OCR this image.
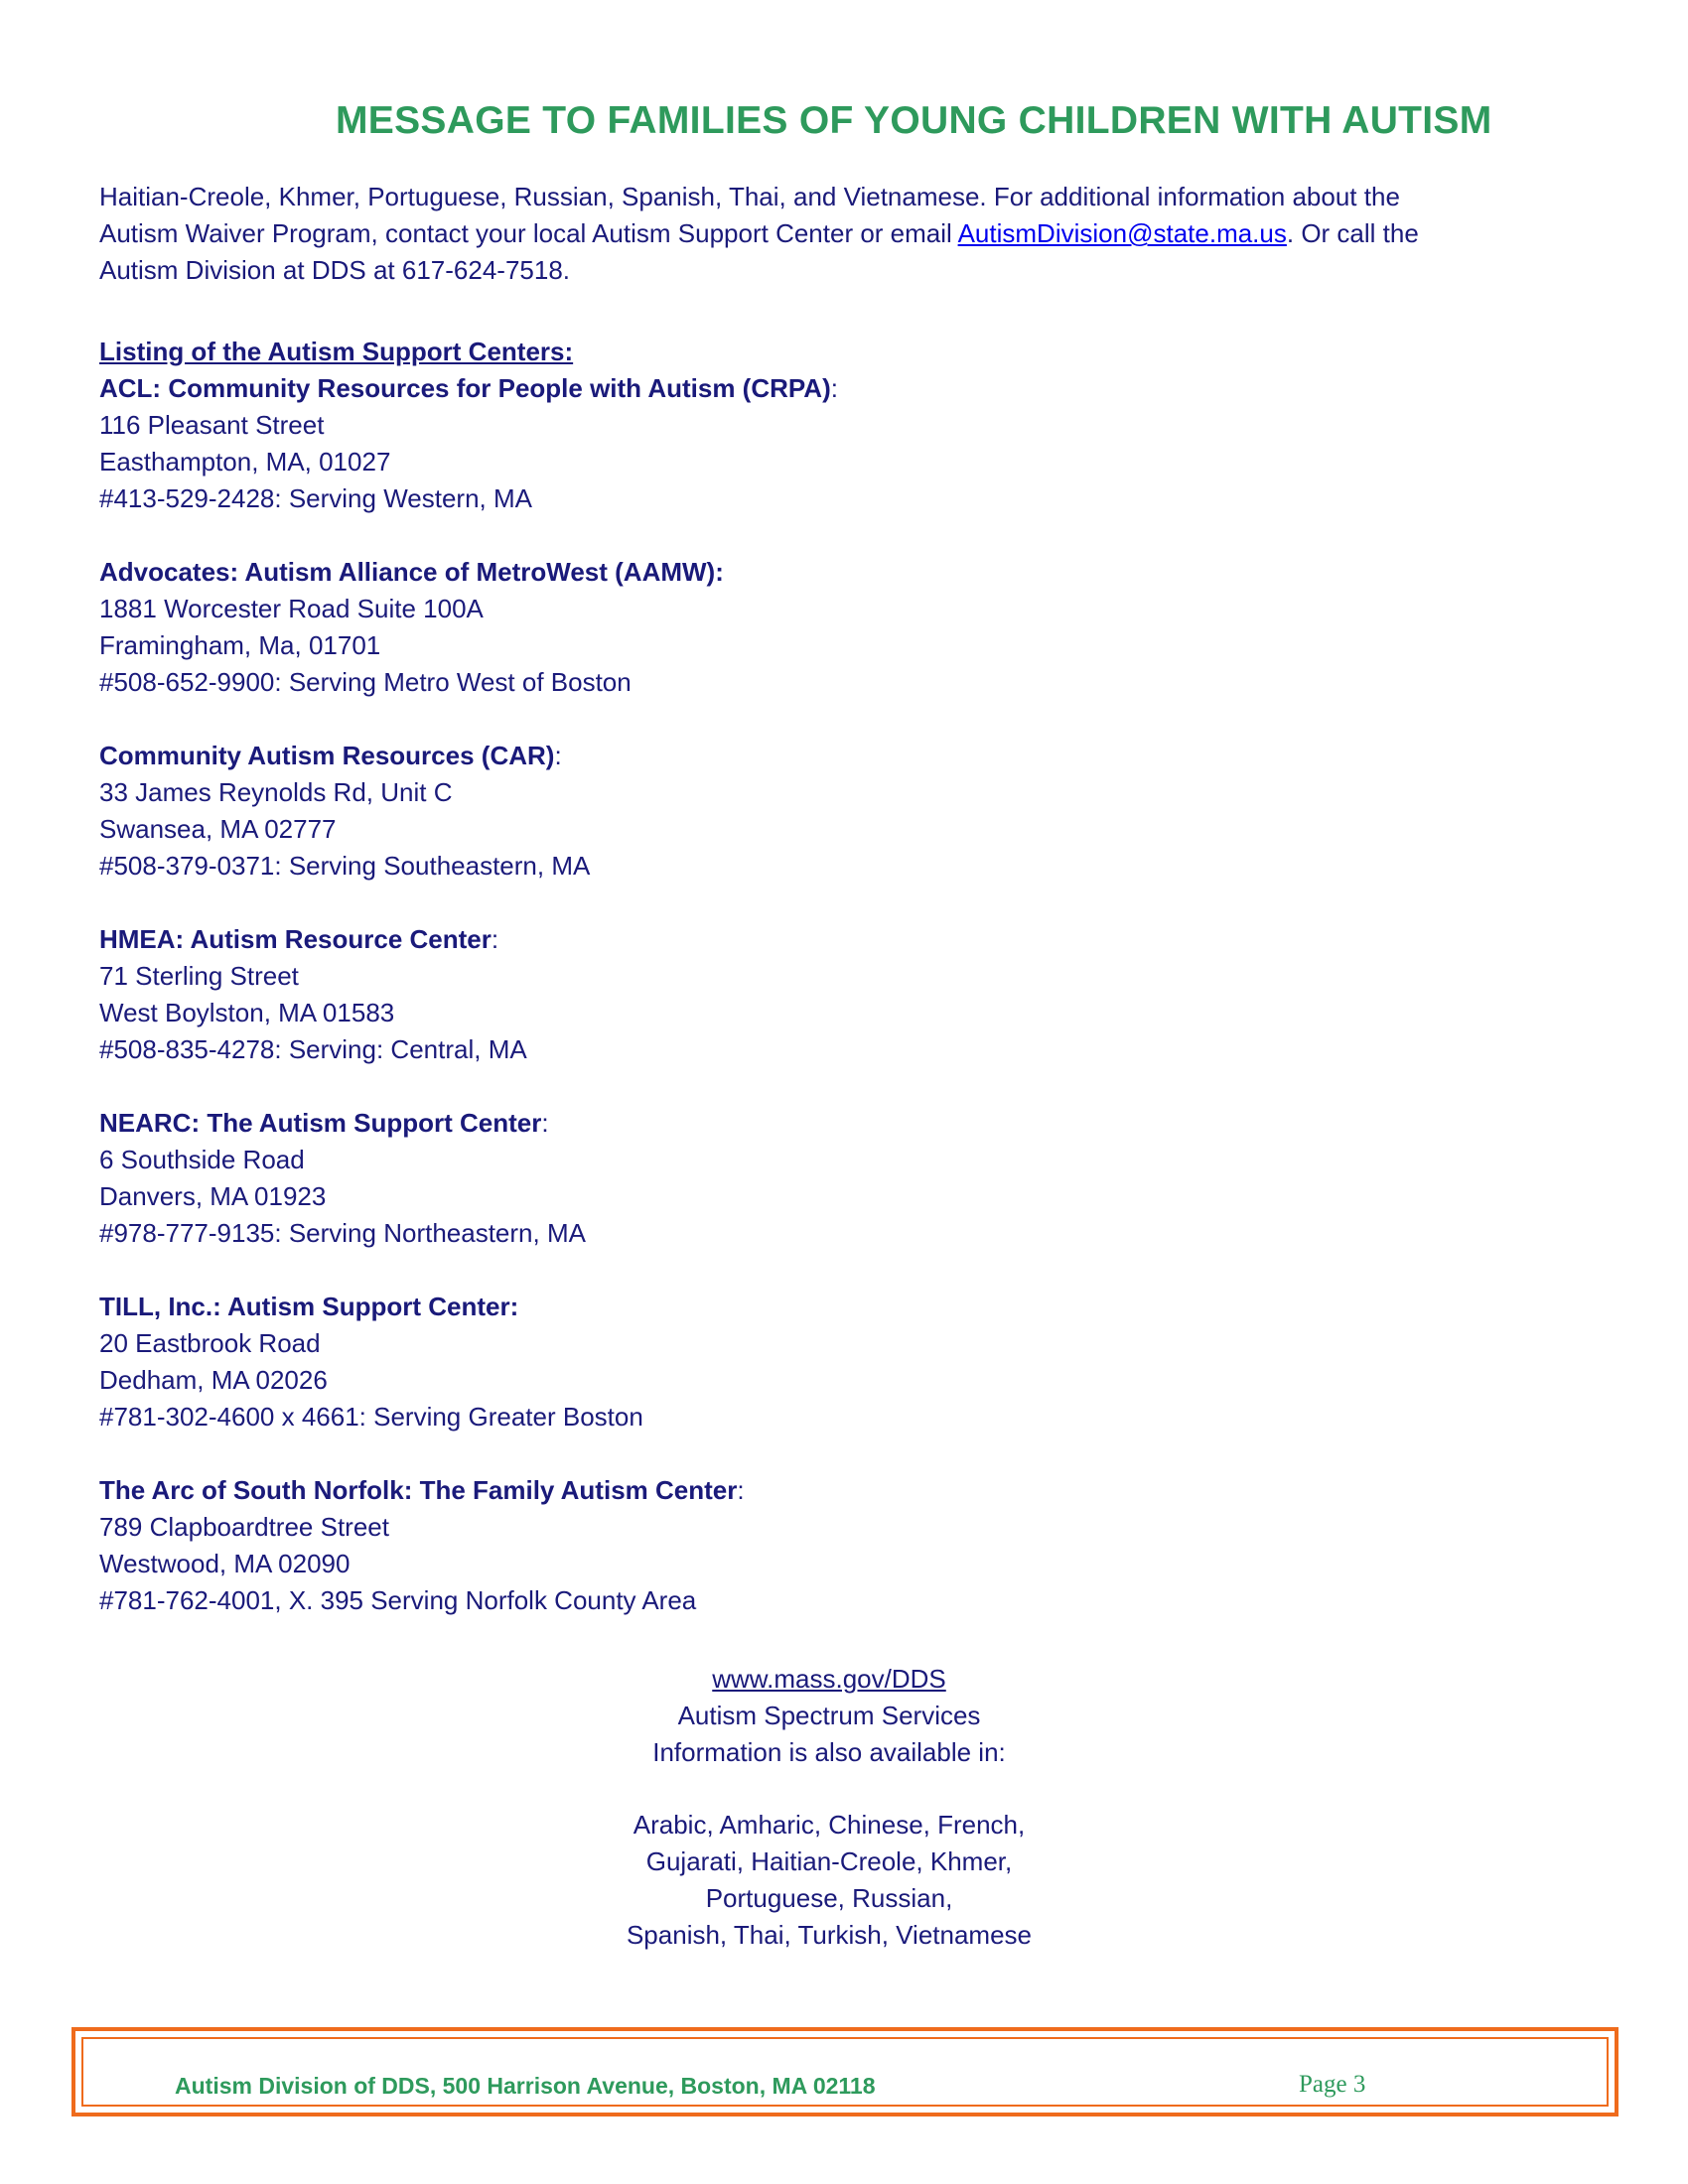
MESSAGE TO FAMILIES OF YOUNG CHILDREN WITH AUTISM
Haitian-Creole, Khmer, Portuguese, Russian, Spanish, Thai, and Vietnamese. For additional information about the
Autism Waiver Program, contact your local Autism Support Center or email AutismDivision@state.ma.us. Or call the
Autism Division at DDS at 617-624-7518.
Listing of the Autism Support Centers:
ACL: Community Resources for People with Autism (CRPA):
116 Pleasant Street
Easthampton, MA, 01027
#413-529-2428: Serving Western, MA
Advocates: Autism Alliance of MetroWest (AAMW):
1881 Worcester Road Suite 100A
Framingham, Ma, 01701
#508-652-9900: Serving Metro West of Boston
Community Autism Resources (CAR):
33 James Reynolds Rd, Unit C
Swansea, MA 02777
#508-379-0371: Serving Southeastern, MA
HMEA: Autism Resource Center:
71 Sterling Street
West Boylston, MA 01583
#508-835-4278: Serving: Central, MA
NEARC: The Autism Support Center:
6 Southside Road
Danvers, MA 01923
#978-777-9135: Serving Northeastern, MA
TILL, Inc.: Autism Support Center:
20 Eastbrook Road
Dedham, MA 02026
#781-302-4600 x 4661: Serving Greater Boston
The Arc of South Norfolk: The Family Autism Center:
789 Clapboardtree Street
Westwood, MA 02090
#781-762-4001, X. 395 Serving Norfolk County Area
www.mass.gov/DDS
Autism Spectrum Services
Information is also available in:
Arabic, Amharic, Chinese, French,
Gujarati, Haitian-Creole, Khmer,
Portuguese, Russian,
Spanish, Thai, Turkish, Vietnamese
Autism Division of DDS, 500 Harrison Avenue, Boston, MA 02118	Page 3
